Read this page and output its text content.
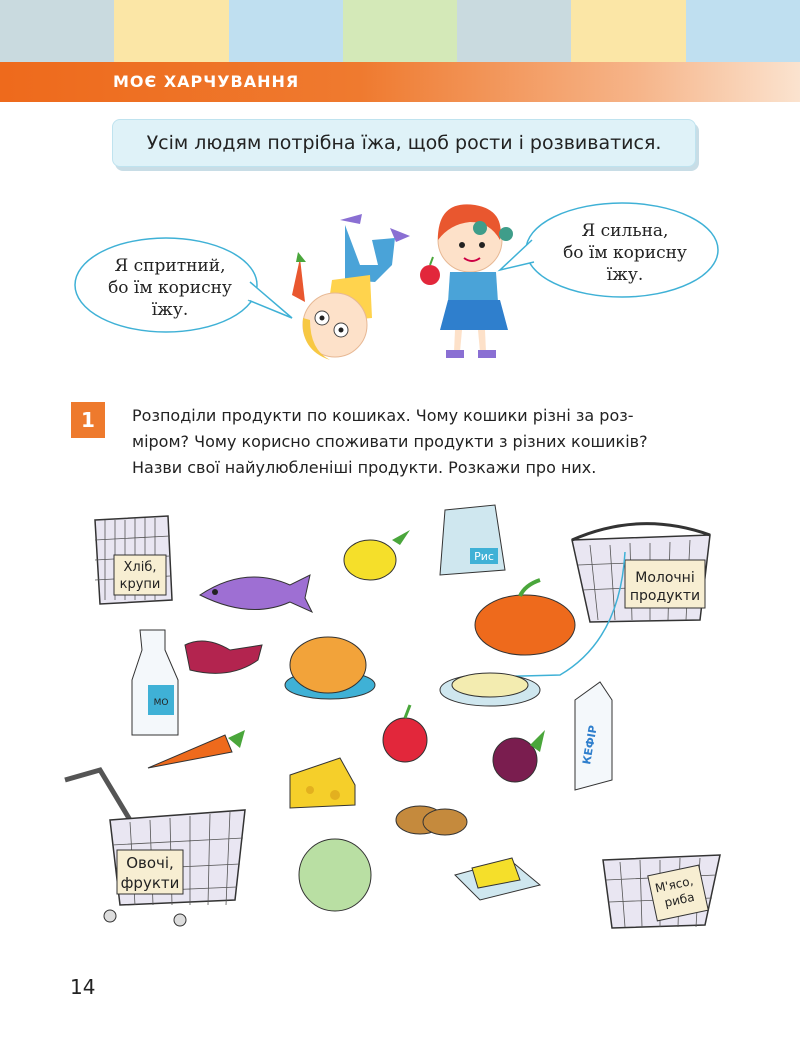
МОЄ ХАРЧУВАННЯ
Усім людям потрібна їжа, щоб рости і розвиватися.
Хліб,
крупи	Молочні
продукти
Овочі,
фрукти	М'ясо,
риба
Рис
МО
КЕФІР
Я спритний,
бо їм корисну
їжу.
Я сильна,
бо їм корисну
їжу.
1	Розподіли продукти по кошиках. Чому кошики різні за роз-
міром? Чому корисно споживати продукти з різних кошиків?
Назви свої найулюбленіші продукти. Розкажи про них.
14
